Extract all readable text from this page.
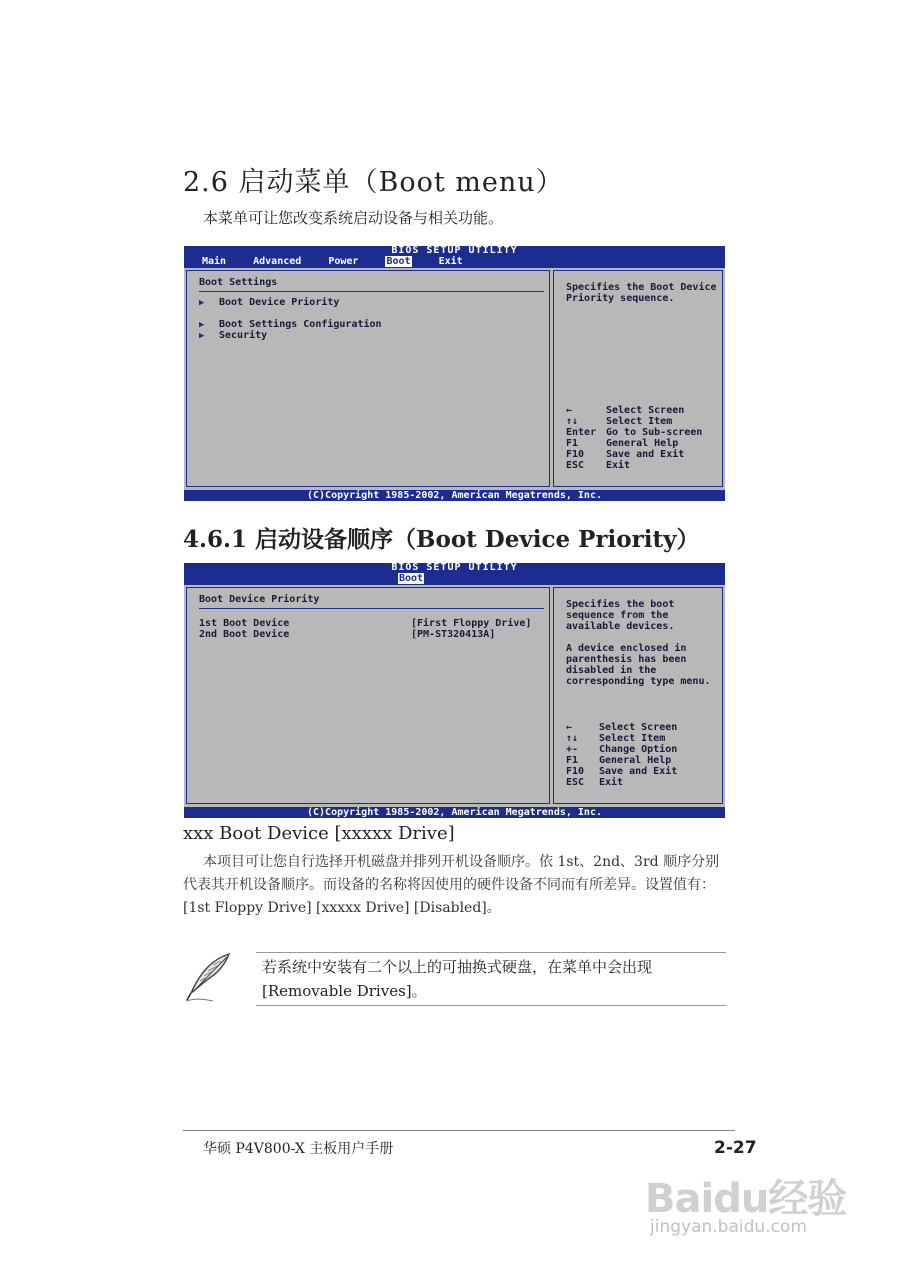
2.6 启动菜单（Boot menu）
本菜单可让您改变系统启动设备与相关功能。
BIOS SETUP UTILITY
Main	Advanced	Power	Boot	Exit
Boot Settings
▶ Boot Device Priority
▶ Boot Settings Configuration
▶ Security
Specifies the Boot Device Priority sequence.
←	Select Screen
↑↓	Select Item
Enter Go to Sub-screen
F1	General Help
F10 Save and Exit
ESC Exit
(C)Copyright 1985-2002, American Megatrends, Inc.
4.6.1 启动设备顺序（Boot Device Priority）
BIOS SETUP UTILITY
Boot
Boot Device Priority
1st Boot Device	[First Floppy Drive]
2nd Boot Device	[PM-ST320413A]
Specifies the boot sequence from the available devices.
A device enclosed in parenthesis has been disabled in the corresponding type menu.
←	Select Screen
↑↓ Select Item
+- Change Option
F1 General Help
F10 Save and Exit
ESC Exit
(C)Copyright 1985-2002, American Megatrends, Inc.
xxx Boot Device [xxxxx Drive]
本项目可让您自行选择开机磁盘并排列开机设备顺序。依 1st、2nd、3rd 顺序分别代表其开机设备顺序。而设备的名称将因使用的硬件设备不同而有所差异。设置值有：[1st Floppy Drive] [xxxxx Drive] [Disabled]。
若系统中安装有二个以上的可抽换式硬盘，在菜单中会出现 [Removable Drives]。
华硕 P4V800-X 主板用户手册	2-27
Baidu经验
jingyan.baidu.com
